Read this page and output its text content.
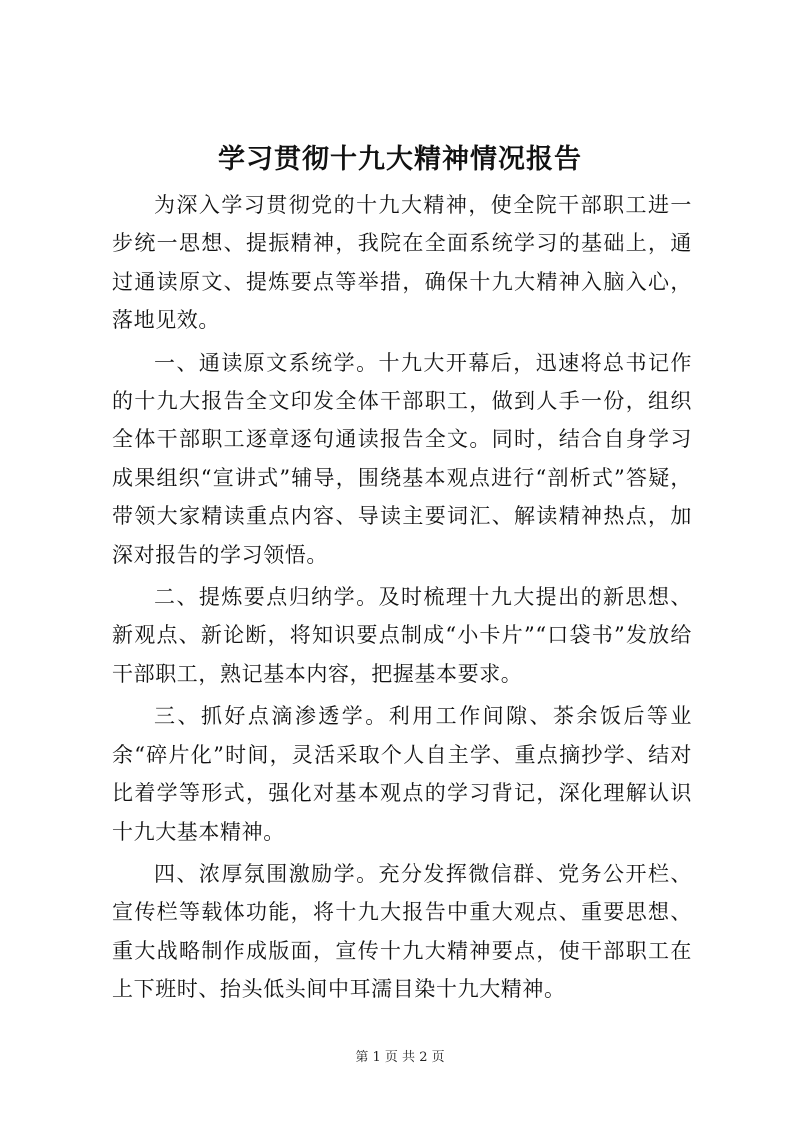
学习贯彻十九大精神情况报告

为深入学习贯彻党的十九大精神，使全院干部职工进一步统一思想、提振精神，我院在全面系统学习的基础上，通过通读原文、提炼要点等举措，确保十九大精神入脑入心，落地见效。

一、通读原文系统学。十九大开幕后，迅速将总书记作的十九大报告全文印发全体干部职工，做到人手一份，组织全体干部职工逐章逐句通读报告全文。同时，结合自身学习成果组织“宣讲式”辅导，围绕基本观点进行“剖析式”答疑，带领大家精读重点内容、导读主要词汇、解读精神热点，加深对报告的学习领悟。

二、提炼要点归纳学。及时梳理十九大提出的新思想、新观点、新论断，将知识要点制成“小卡片”“口袋书”发放给干部职工，熟记基本内容，把握基本要求。

三、抓好点滴渗透学。利用工作间隙、茶余饭后等业余“碎片化”时间，灵活采取个人自主学、重点摘抄学、结对比着学等形式，强化对基本观点的学习背记，深化理解认识十九大基本精神。

四、浓厚氛围激励学。充分发挥微信群、党务公开栏、宣传栏等载体功能，将十九大报告中重大观点、重要思想、重大战略制作成版面，宣传十九大精神要点，使干部职工在上下班时、抬头低头间中耳濡目染十九大精神。

第 1 页 共 2 页
